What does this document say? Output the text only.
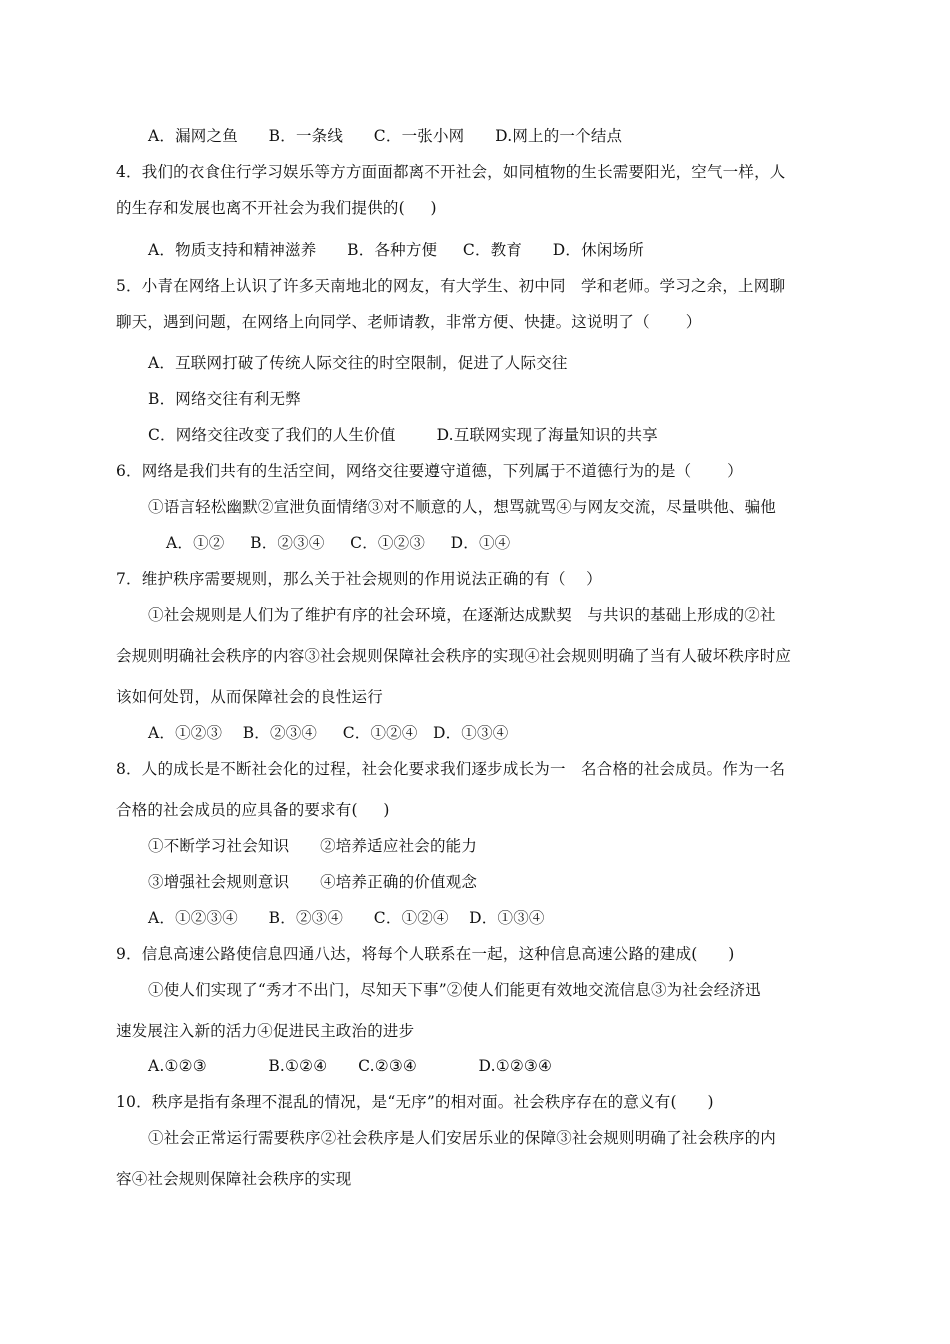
A．漏网之鱼      B．一条线      C．一张小网      D.网上的一个结点
4．我们的衣食住行学习娱乐等方方面面都离不开社会，如同植物的生长需要阳光，空气一样，人
的生存和发展也离不开社会为我们提供的(     )
A．物质支持和精神滋养      B．各种方便     C．教育      D．休闲场所
5．小青在网络上认识了许多天南地北的网友，有大学生、初中同   学和老师。学习之余，上网聊
聊天，遇到问题，在网络上向同学、老师请教，非常方便、快捷。这说明了（       ）
A．互联网打破了传统人际交往的时空限制，促进了人际交往
B．网络交往有利无弊
C．网络交往改变了我们的人生价值        D.互联网实现了海量知识的共享
6．网络是我们共有的生活空间，网络交往要遵守道德，下列属于不道德行为的是（       ）
①语言轻松幽默②宣泄负面情绪③对不顺意的人，想骂就骂④与网友交流，尽量哄他、骗他
A．①②     B．②③④     C．①②③     D．①④
7．维护秩序需要规则，那么关于社会规则的作用说法正确的有（    ）
①社会规则是人们为了维护有序的社会环境，在逐渐达成默契   与共识的基础上形成的②社
会规则明确社会秩序的内容③社会规则保障社会秩序的实现④社会规则明确了当有人破坏秩序时应
该如何处罚，从而保障社会的良性运行
A．①②③    B．②③④     C．①②④   D．①③④
8．人的成长是不断社会化的过程，社会化要求我们逐步成长为一   名合格的社会成员。作为一名
合格的社会成员的应具备的要求有(     )
①不断学习社会知识      ②培养适应社会的能力
③增强社会规则意识      ④培养正确的价值观念
A．①②③④      B．②③④      C．①②④    D．①③④
9．信息高速公路使信息四通八达，将每个人联系在一起，这种信息高速公路的建成(      )
①使人们实现了“秀才不出门，尽知天下事”②使人们能更有效地交流信息③为社会经济迅
速发展注入新的活力④促进民主政治的进步
A.①②③            B.①②④      C.②③④            D.①②③④
10．秩序是指有条理不混乱的情况，是“无序”的相对面。社会秩序存在的意义有(      )
①社会正常运行需要秩序②社会秩序是人们安居乐业的保障③社会规则明确了社会秩序的内
容④社会规则保障社会秩序的实现
